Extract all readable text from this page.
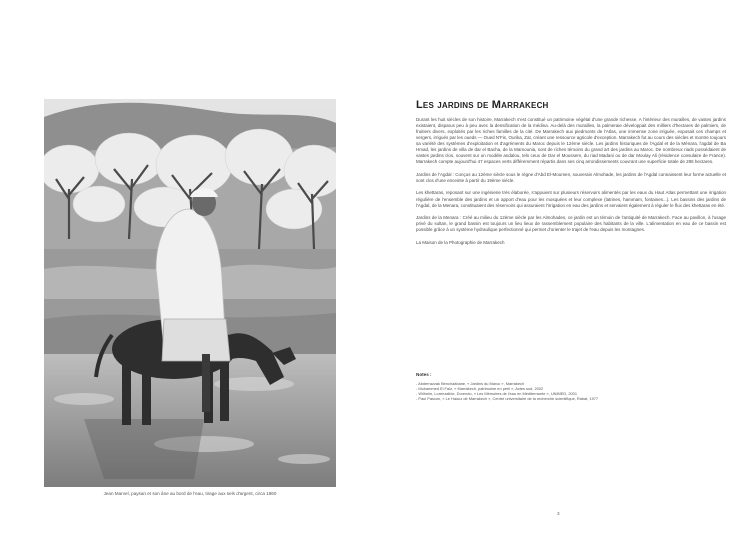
Jean Marvel, paysan et son âne au bord de l'eau, tirage aux sels d'argent, circa 1960
Les jardins de Marrakech

Durant les huit siècles de son histoire, Marrakech s'est constitué un patrimoine végétal d'une grande richesse. A l'intérieur des murailles, de vastes jardins existaient, disparus peu à peu avec la densification de la médina. Au-delà des murailles, la palmeraie développait des milliers d'hectares de palmiers, de fruitiers divers, exploités par les riches familles de la cité. De Marrakech aux piedmonts de l'Atlas, une immense zone irriguée, exposait ces champs et vergers, irrigués par les oueds — Oued N'Fis, Ourika, Zat, créant une ressource agricole d'exception. Marrakech fut au cours des siècles et montre toujours sa variété des systèmes d'exploitation et d'agréments du Maroc depuis le 12ème siècle. Les jardins historiques de l'Agdal et de la Ménara, l'agdal de Ba Hmad, les jardins de villa de dar el Bacha, de la Mamounia, sont de riches témoins du grand art des jardins au Maroc. De nombreux riads possédaient de vastes jardins clos, souvent sur un modèle andalou, tels ceux de Dar el Moussem, du riad Madani ou de dar Moulay Ali (résidence consulaire de France). Marrakech compte aujourd'hui 47 espaces verts différemment répartis dans ses cinq arrondissements couvrant une superficie totale de 286 hectares.

Jardins de l'Agdal : Conçus au 12ème siècle sous le règne d'Abd El-Moumen, souverain Almohade, les jardins de l'Agdal connaissent leur forme actuelle et sont clos d'une enceinte à partir du 19ème siècle.

Les khettaras, reposant sur une ingénierie très élaborée, s'appuient sur plusieurs réservoirs alimentés par les eaux du Haut Atlas permettant une irrigation régulière de l'ensemble des jardins et un apport d'eau pour les mosquées et leur complexe (latrines, hammam, fontaines...). Les bassins des jardins de l'Agdal, de la Menara, constituaient des réservoirs qui assuraient l'irrigation en eau des jardins et servaient également à réguler le flux des khettaras en été.

Jardins de la Menara : Créé au milieu du 12ème siècle par les Almohades, ce jardin est un témoin de l'antiquité de Marrakech. Face au pavillon, à l'usage privé du sultan, le grand bassin est toujours un lieu lieux de rassemblement populaire des habitants de la ville. L'alimentation en eau de ce bassin est possible grâce à un système hydraulique perfectionné qui permet d'orienter le trajet de l'eau depuis les montagnes.

La Maison de la Photographie de Marrakech

Notes :
- Abderrazzak Benchaâbane, « Jardins du Maroc », Marrakech
- Mohammed El Faïz, « Marrakech, patrimoine en péril », Actes sud, 2002
- Wilhelm, Lorenzalbie, Dorendo, « Les Mémoires de l'eau en Méditerranée », UNIMED, 2001
- Paul Pascon, « Le Haouz de Marrakech », Centre universitaire de la recherche scientifique, Rabat, 1977
3
